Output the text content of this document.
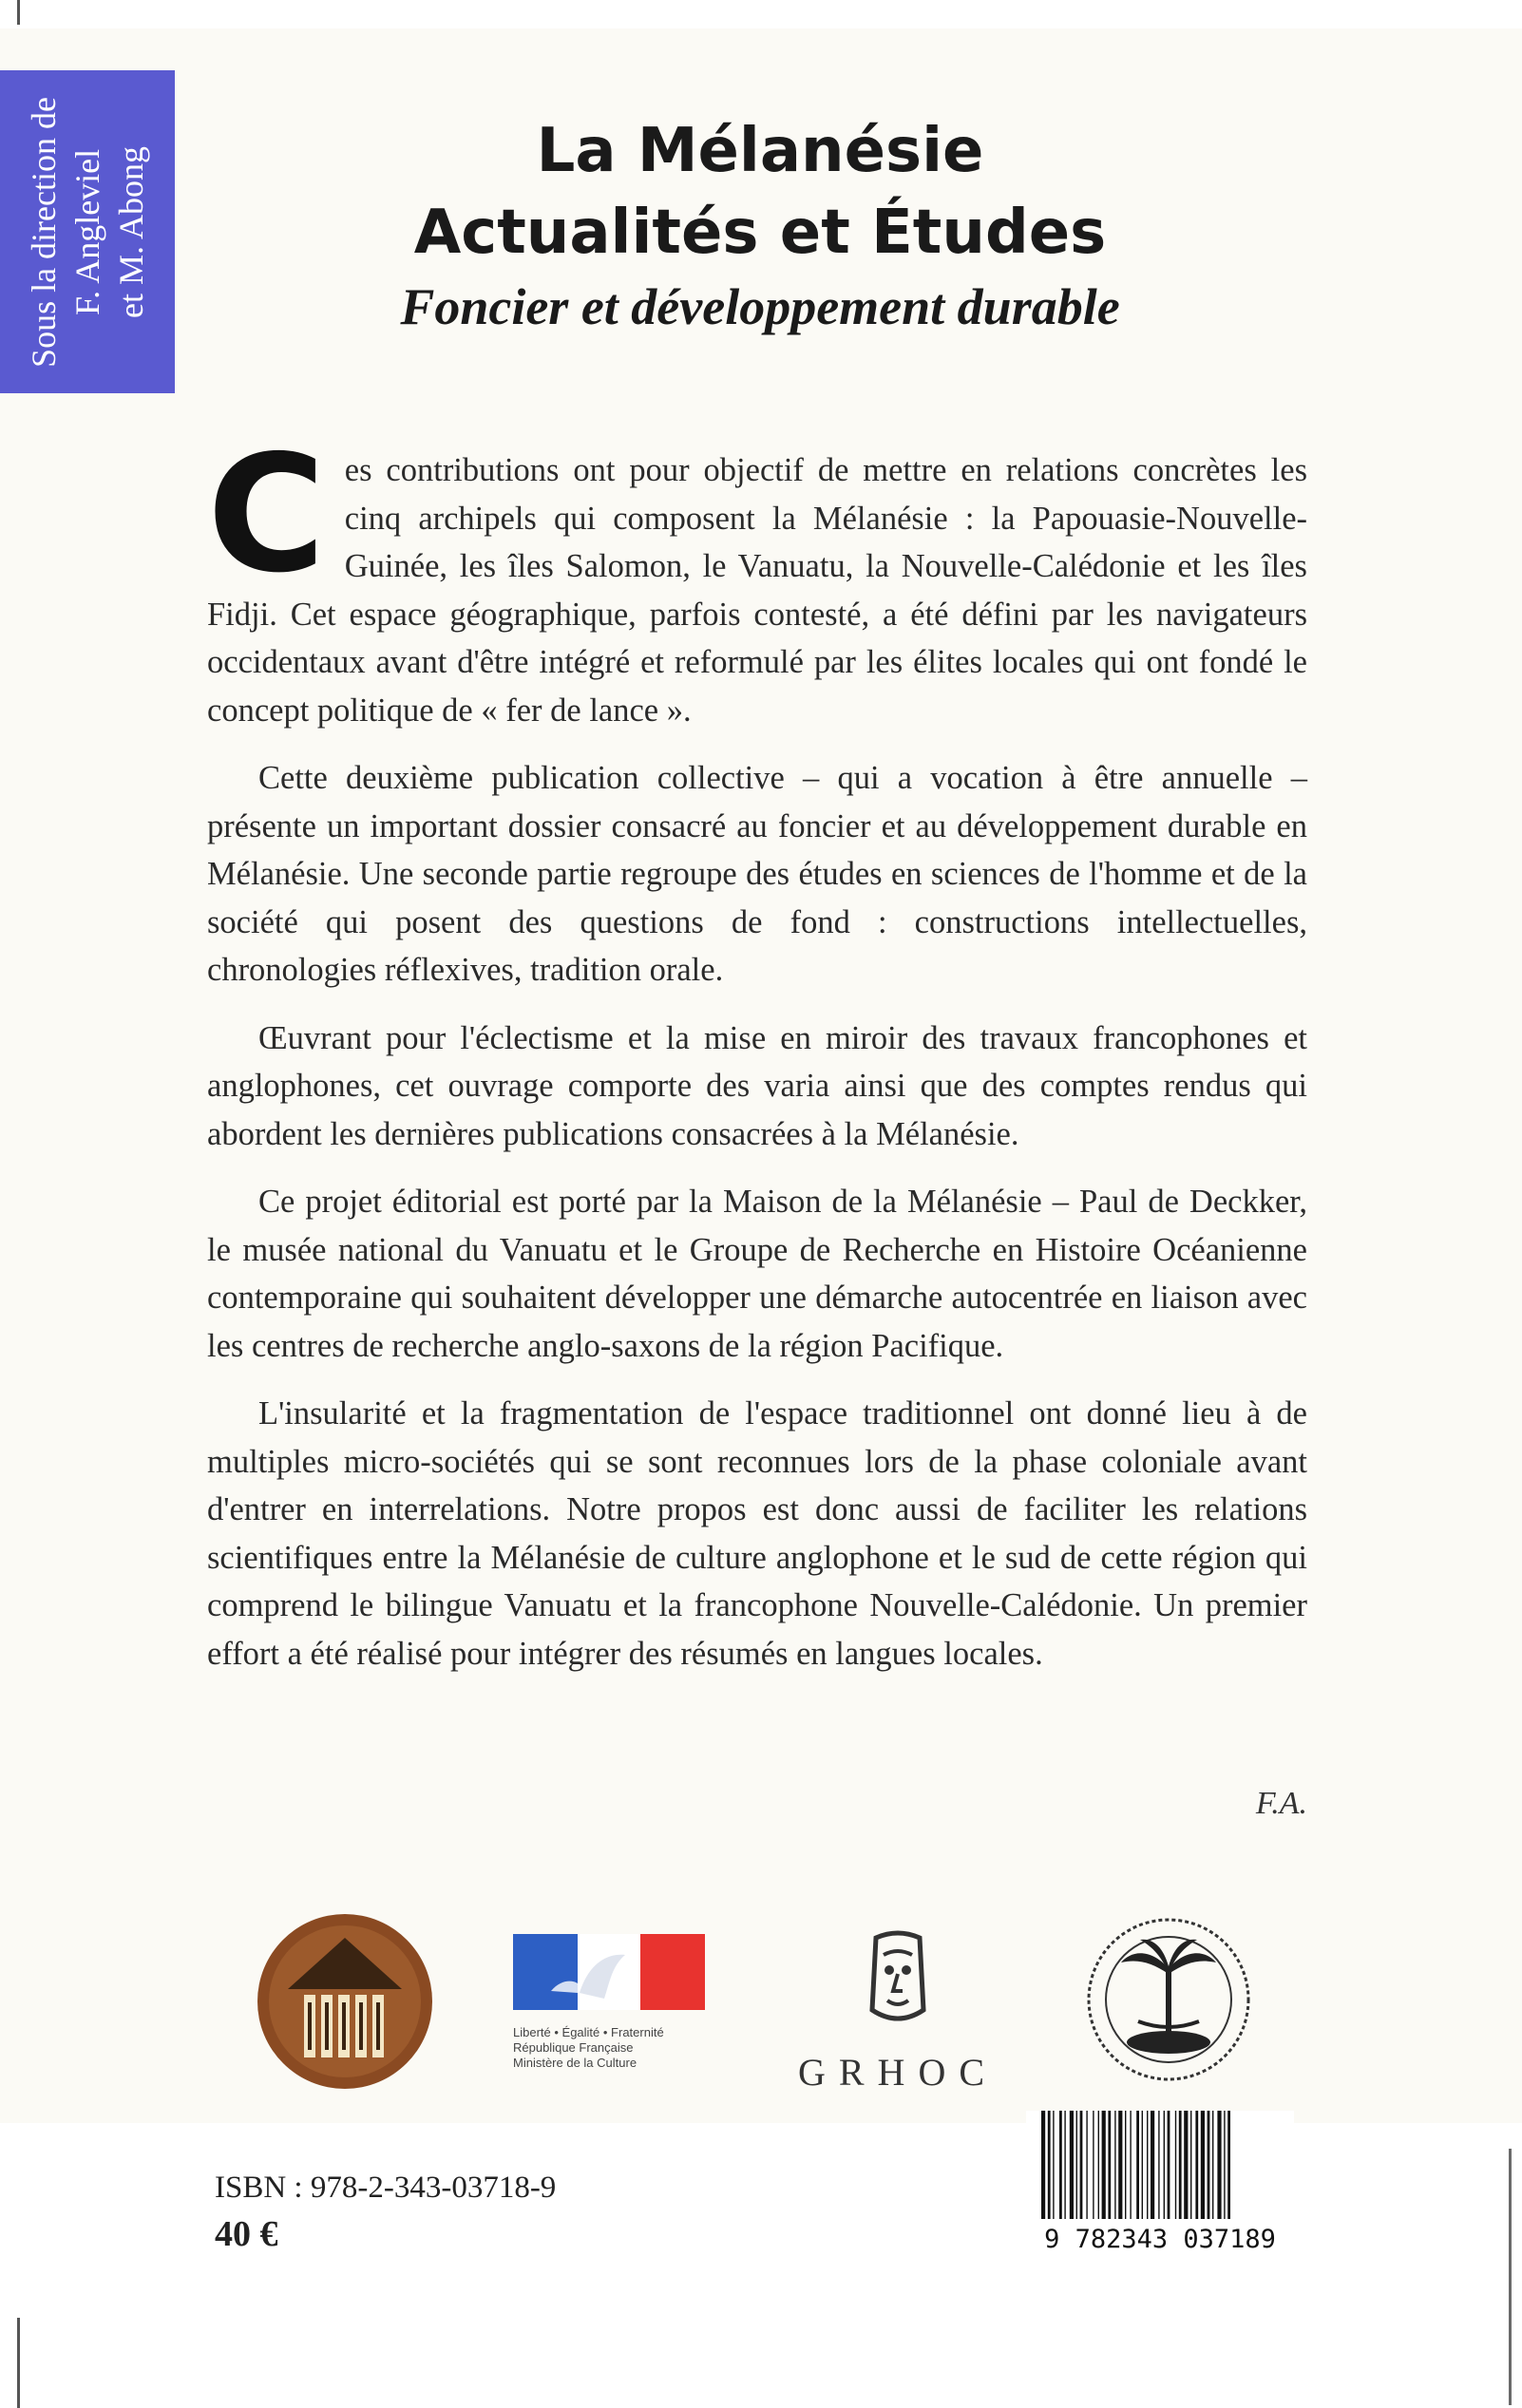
Sous la direction de F. Angleviel et M. Abong	La Mélanésie
Actualités et Études
Foncier et développement durable

Ces contributions ont pour objectif de mettre en relations concrètes les cinq archipels qui composent la Mélanésie : la Papouasie-Nouvelle-Guinée, les îles Salomon, le Vanuatu, la Nouvelle-Calédonie et les îles Fidji. Cet espace géographique, parfois contesté, a été défini par les navigateurs occidentaux avant d'être intégré et reformulé par les élites locales qui ont fondé le concept politique de « fer de lance ».

Cette deuxième publication collective – qui a vocation à être annuelle – présente un important dossier consacré au foncier et au développement durable en Mélanésie. Une seconde partie regroupe des études en sciences de l'homme et de la société qui posent des questions de fond : constructions intellectuelles, chronologies réflexives, tradition orale.

Œuvrant pour l'éclectisme et la mise en miroir des travaux francophones et anglophones, cet ouvrage comporte des varia ainsi que des comptes rendus qui abordent les dernières publications consacrées à la Mélanésie.

Ce projet éditorial est porté par la Maison de la Mélanésie – Paul de Deckker, le musée national du Vanuatu et le Groupe de Recherche en Histoire Océanienne contemporaine qui souhaitent développer une démarche autocentrée en liaison avec les centres de recherche anglo-saxons de la région Pacifique.

L'insularité et la fragmentation de l'espace traditionnel ont donné lieu à de multiples micro-sociétés qui se sont reconnues lors de la phase coloniale avant d'entrer en interrelations. Notre propos est donc aussi de faciliter les relations scientifiques entre la Mélanésie de culture anglophone et le sud de cette région qui comprend le bilingue Vanuatu et la francophone Nouvelle-Calédonie. Un premier effort a été réalisé pour intégrer des résumés en langues locales.

F.A.
Liberté • Égalité • Fraternité
République Française
Ministère de la Culture	GRHOC
ISBN : 978-2-343-03718-9
40 €	9 782343 037189
